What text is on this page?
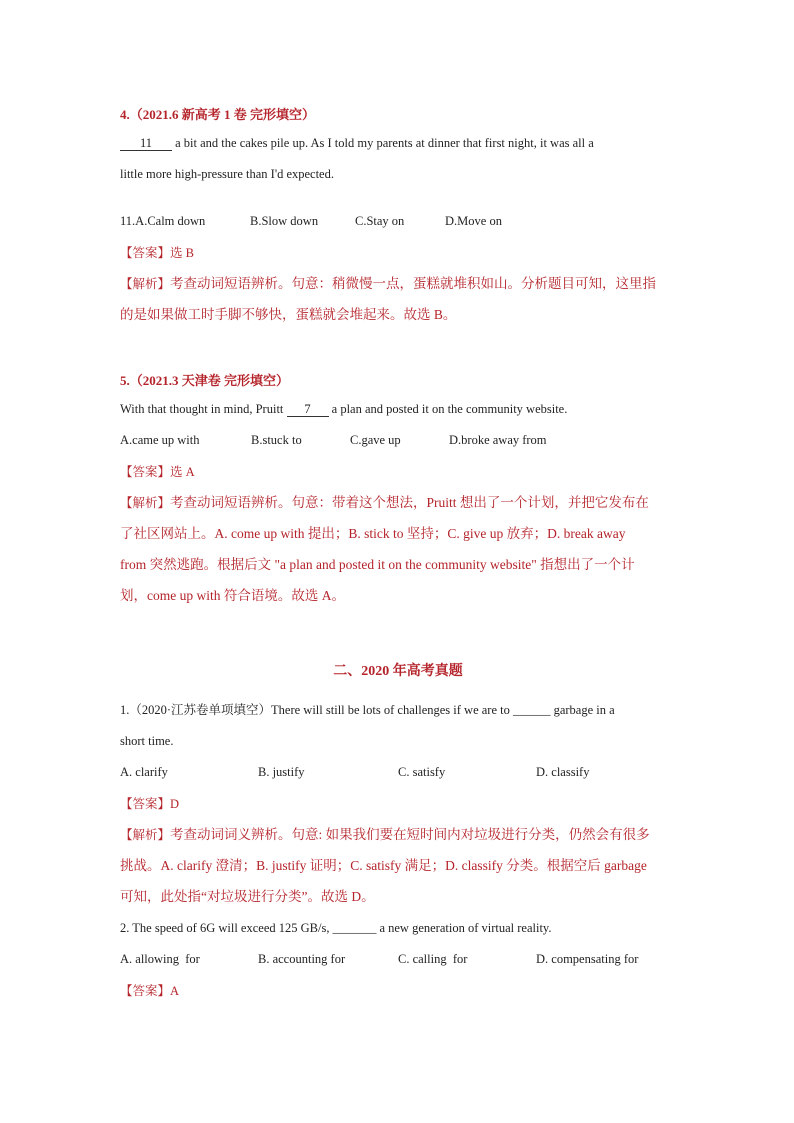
4.（2021.6 新高考 1 卷 完形填空）

11 a bit and the cakes pile up. As I told my parents at dinner that first night, it was all a

little more high-pressure than I'd expected.

11.A.Calm down	B.Slow down	C.Stay on	D.Move on

【答案】选 B

【解析】考查动词短语辨析。句意：稍微慢一点，蛋糕就堆积如山。分析题目可知，这里指

的是如果做工时手脚不够快，蛋糕就会堆起来。故选 B。

5.（2021.3 天津卷 完形填空）

With that thought in mind, Pruitt 7 a plan and posted it on the community website.

A.came up with	B.stuck to	C.gave up	D.broke away from

【答案】选 A

【解析】考查动词短语辨析。句意：带着这个想法，Pruitt 想出了一个计划，并把它发布在

了社区网站上。A. come up with 提出；B. stick to 坚持；C. give up 放弃；D. break away

from 突然逃跑。根据后文 "a plan and posted it on the community website" 指想出了一个计

划，come up with 符合语境。故选 A。

二、2020 年高考真题

1.（2020·江苏卷单项填空）There will still be lots of challenges if we are to ______ garbage in a

short time.

A. clarify	B. justify	C. satisfy	D. classify

【答案】D

【解析】考查动词词义辨析。句意: 如果我们要在短时间内对垃圾进行分类，仍然会有很多

挑战。A. clarify 澄清；B. justify 证明；C. satisfy 满足；D. classify 分类。根据空后 garbage

可知，此处指“对垃圾进行分类”。故选 D。

2. The speed of 6G will exceed 125 GB/s, _______ a new generation of virtual reality.

A. allowing  for	B. accounting for	C. calling  for	D. compensating for

【答案】A
